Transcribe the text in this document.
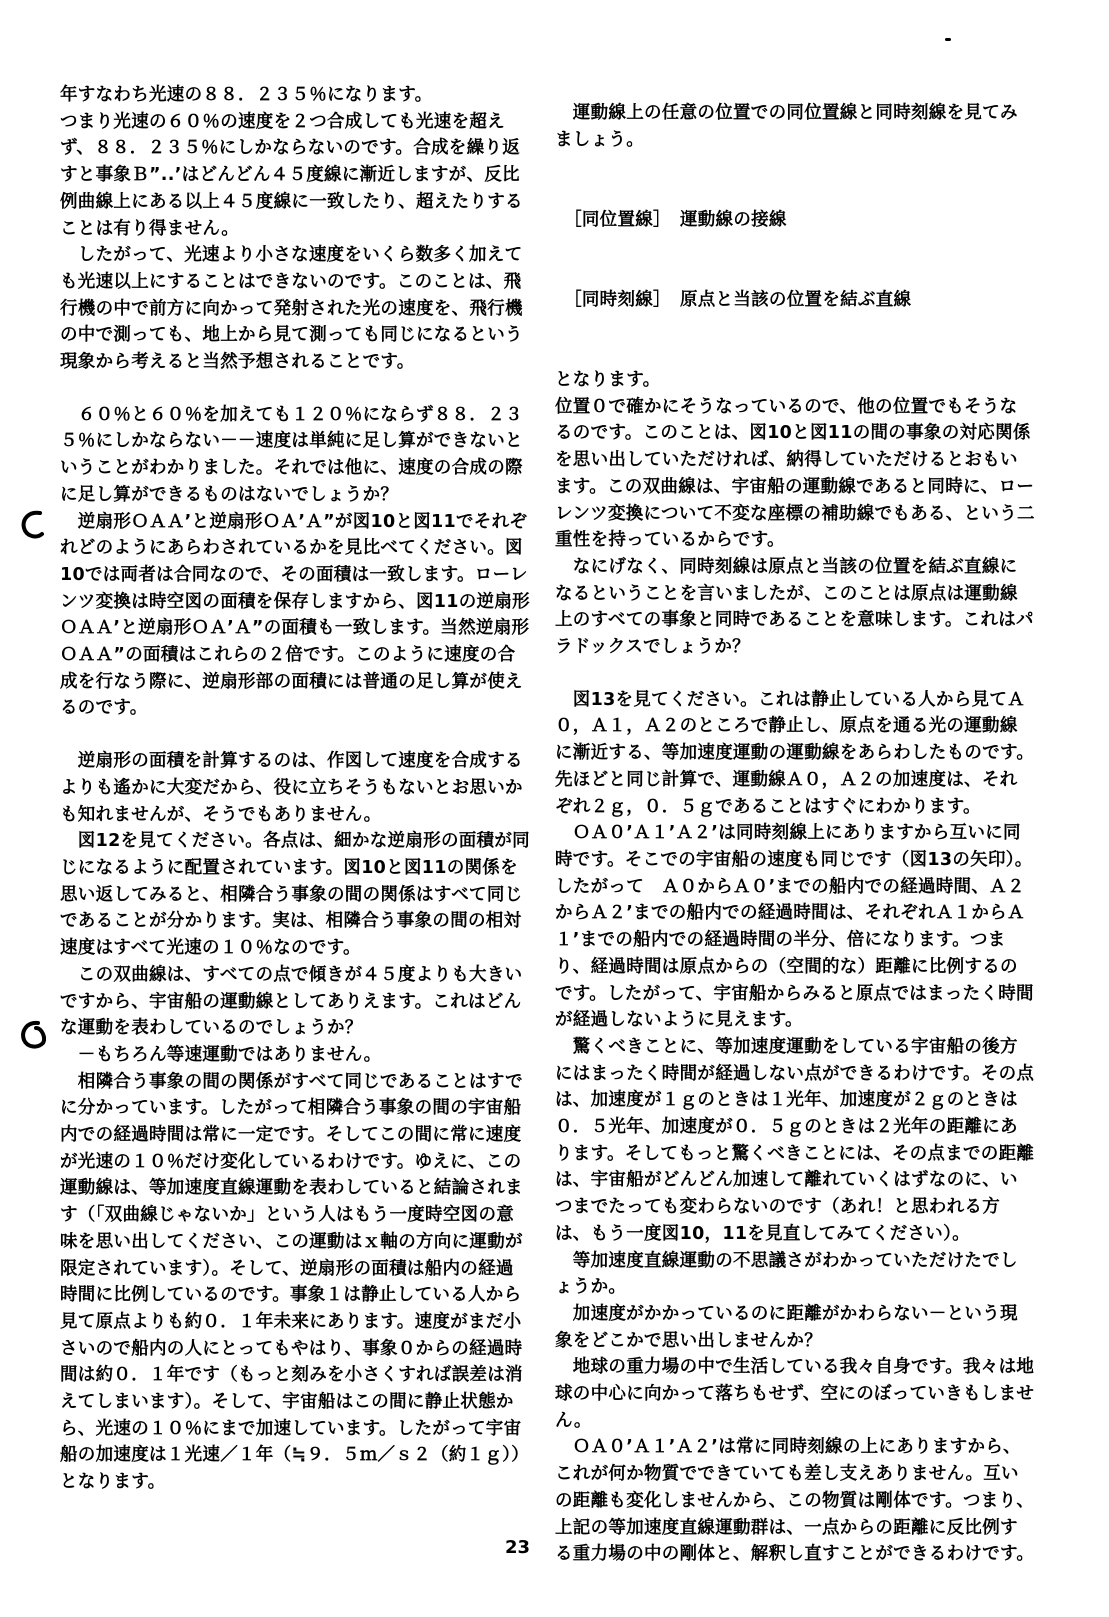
年すなわち光速の８８．２３５％になります。
つまり光速の６０％の速度を２つ合成しても光速を超えず、８８．２３５％にしかならないのです。合成を繰り返すと事象Ｂ”..’はどんどん４５度線に漸近しますが、反比例曲線上にある以上４５度線に一致したり、超えたりすることは有り得ません。
　したがって、光速より小さな速度をいくら数多く加えても光速以上にすることはできないのです。このことは、飛行機の中で前方に向かって発射された光の速度を、飛行機の中で測っても、地上から見て測っても同じになるという現象から考えると当然予想されることです。

　６０％と６０％を加えても１２０％にならず８８．２３５％にしかならない－－速度は単純に足し算ができないということがわかりました。それでは他に、速度の合成の際に足し算ができるものはないでしょうか？
　逆扇形ＯＡＡ’と逆扇形ＯＡ’Ａ”が図10と図11でそれぞれどのようにあらわされているかを見比べてください。図10では両者は合同なので、その面積は一致します。ローレンツ変換は時空図の面積を保存しますから、図11の逆扇形ＯＡＡ’と逆扇形ＯＡ’Ａ”の面積も一致します。当然逆扇形ＯＡＡ”の面積はこれらの２倍です。このように速度の合成を行なう際に、逆扇形部の面積には普通の足し算が使えるのです。

　逆扇形の面積を計算するのは、作図して速度を合成するよりも遙かに大変だから、役に立ちそうもないとお思いかも知れませんが、そうでもありません。
　図12を見てください。各点は、細かな逆扇形の面積が同じになるように配置されています。図10と図11の関係を思い返してみると、相隣合う事象の間の関係はすべて同じであることが分かります。実は、相隣合う事象の間の相対速度はすべて光速の１０％なのです。
　この双曲線は、すべての点で傾きが４５度よりも大きいですから、宇宙船の運動線としてありえます。これはどんな運動を表わしているのでしょうか？
　－もちろん等速運動ではありません。
　相隣合う事象の間の関係がすべて同じであることはすでに分かっています。したがって相隣合う事象の間の宇宙船内での経過時間は常に一定です。そしてこの間に常に速度が光速の１０％だけ変化しているわけです。ゆえに、この運動線は、等加速度直線運動を表わしていると結論されます（「双曲線じゃないか」という人はもう一度時空図の意味を思い出してください、この運動はｘ軸の方向に運動が限定されています）。そして、逆扇形の面積は船内の経過時間に比例しているのです。事象１は静止している人から見て原点よりも約０．１年未来にあります。速度がまだ小さいので船内の人にとってもやはり、事象０からの経過時間は約０．１年です（もっと刻みを小さくすれば誤差は消えてしまいます）。そして、宇宙船はこの間に静止状態から、光速の１０％にまで加速しています。したがって宇宙船の加速度は１光速／１年（≒９．５ｍ／ｓ２（約１ｇ））となります。

　運動線上の任意の位置での同位置線と同時刻線を見てみましょう。

　［同位置線］　 運動線の接線

　［同時刻線］　 原点と当該の位置を結ぶ直線

となります。
位置０で確かにそうなっているので、他の位置でもそうなるのです。このことは、図10と図11の間の事象の対応関係を思い出していただければ、納得していただけるとおもいます。この双曲線は、宇宙船の運動線であると同時に、ローレンツ変換について不変な座標の補助線でもある、という二重性を持っているからです。
　なにげなく、同時刻線は原点と当該の位置を結ぶ直線になるということを言いましたが、このことは原点は運動線上のすべての事象と同時であることを意味します。これはパラドックスでしょうか？

　図13を見てください。これは静止している人から見てＡ０，Ａ１，Ａ２のところで静止し、原点を通る光の運動線に漸近する、等加速度運動の運動線をあらわしたものです。先ほどと同じ計算で、運動線Ａ０，Ａ２の加速度は、それぞれ２ｇ，０．５ｇであることはすぐにわかります。
　ＯＡ０’Ａ１’Ａ２’は同時刻線上にありますから互いに同時です。そこでの宇宙船の速度も同じです（図13の矢印）。したがって　Ａ０からＡ０’までの船内での経過時間、Ａ２からＡ２’までの船内での経過時間は、それぞれＡ１からＡ１’までの船内での経過時間の半分、倍になります。つまり、経過時間は原点からの（空間的な）距離に比例するのです。したがって、宇宙船からみると原点ではまったく時間が経過しないように見えます。
　驚くべきことに、等加速度運動をしている宇宙船の後方にはまったく時間が経過しない点ができるわけです。その点は、加速度が１ｇのときは１光年、加速度が２ｇのときは０．５光年、加速度が０．５ｇのときは２光年の距離にあります。そしてもっと驚くべきことには、その点までの距離は、宇宙船がどんどん加速して離れていくはずなのに、いつまでたっても変わらないのです（あれ！と思われる方は、もう一度図10，11を見直してみてください）。
　等加速度直線運動の不思議さがわかっていただけたでしょうか。
　加速度がかかっているのに距離がかわらない－という現象をどこかで思い出しませんか？
　地球の重力場の中で生活している我々自身です。我々は地球の中心に向かって落ちもせず、空にのぼっていきもしません。
　ＯＡ０’Ａ１’Ａ２’は常に同時刻線の上にありますから、これが何か物質でできていても差し支えありません。互いの距離も変化しませんから、この物質は剛体です。つまり、上記の等加速度直線運動群は、一点からの距離に反比例する重力場の中の剛体と、解釈し直すことができるわけです。

23
